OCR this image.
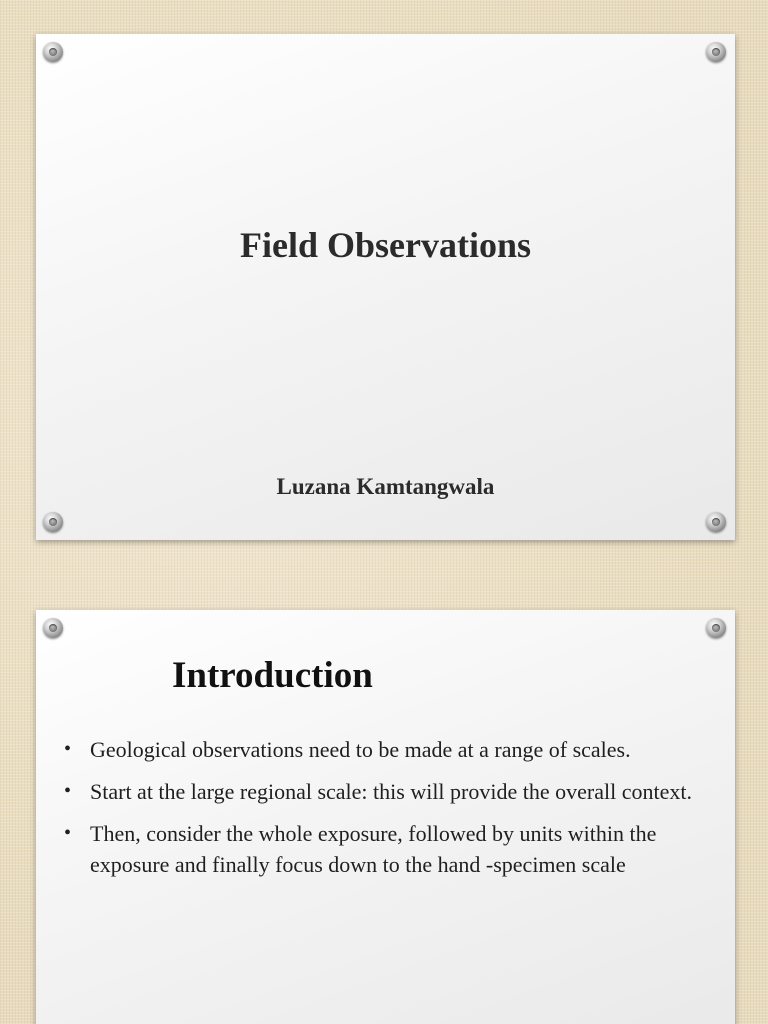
Field Observations
Luzana Kamtangwala
Introduction
• Geological observations need to be made at a range of scales.
• Start at the large regional scale: this will provide the overall context.
• Then, consider the whole exposure, followed by units within the exposure and finally focus down to the hand -specimen scale
